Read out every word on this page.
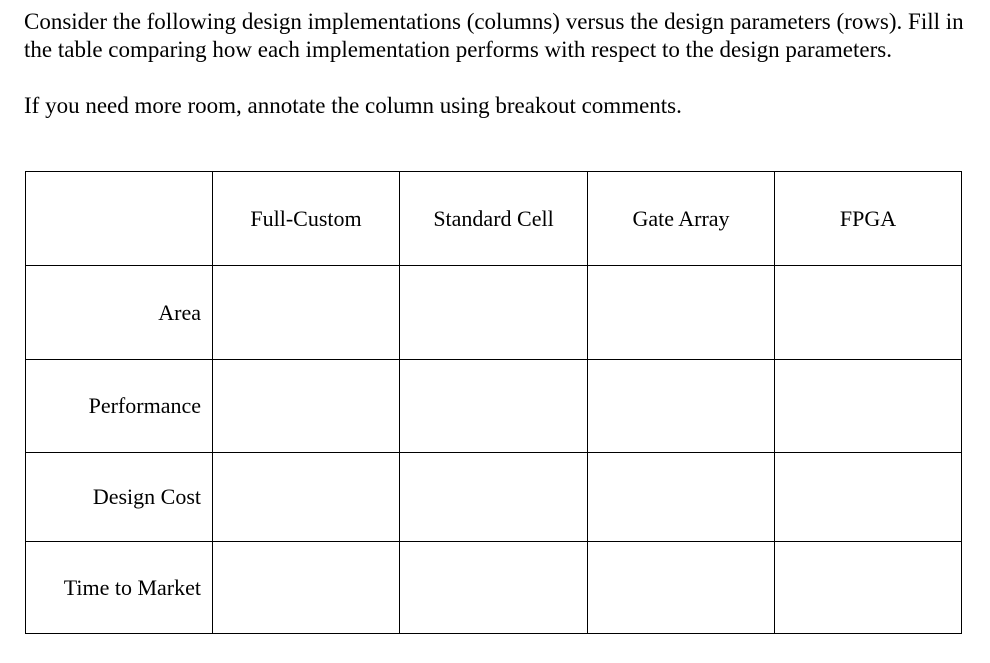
Consider the following design implementations (columns) versus the design parameters (rows). Fill in the table comparing how each implementation performs with respect to the design parameters.

If you need more room, annotate the column using breakout comments.

	Full-Custom	Standard Cell	Gate Array	FPGA
Area				
Performance				
Design Cost				
Time to Market				
